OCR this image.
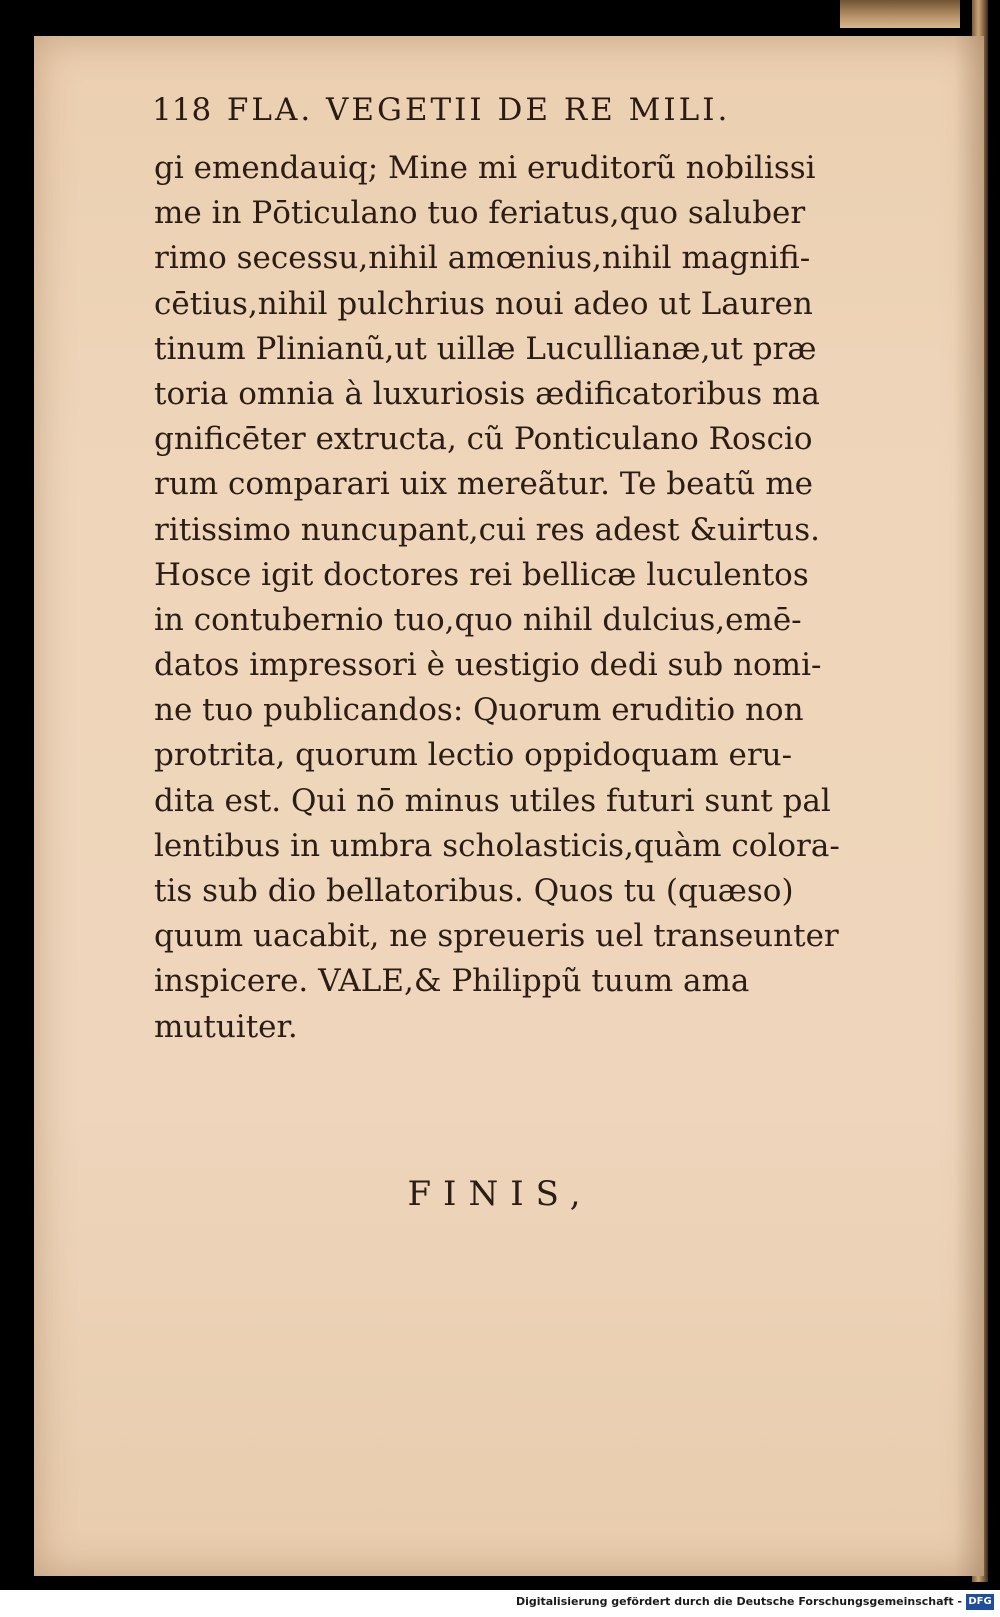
118 FLA. VEGETII DE RE MILI.
gi emendauiq; Mine mi eruditorũ nobilissi
me in Pōticulano tuo feriatus,quo saluber
rimo secessu,nihil amœnius,nihil magnifi-
cētius,nihil pulchrius noui adeo ut Lauren
tinum Plinianũ,ut uillæ Lucullianæ,ut præ
toria omnia à luxuriosis ædificatoribus ma
gnificēter extructa, cũ Ponticulano Roscio
rum comparari uix mereãtur. Te beatũ me
ritissimo nuncupant,cui res adest &uirtus.
Hosce igit doctores rei bellicæ luculentos
in contubernio tuo,quo nihil dulcius,emē-
datos impressori è uestigio dedi sub nomi-
ne tuo publicandos: Quorum eruditio non
protrita, quorum lectio oppidoquam eru-
dita est. Qui nō minus utiles futuri sunt pal
lentibus in umbra scholasticis,quàm colora-
tis sub dio bellatoribus. Quos tu (quæso)
quum uacabit, ne spreueris uel transeunter
inspicere. VALE,& Philippũ tuum ama
mutuiter.
FINIS,
Digitalisierung gefördert durch die Deutsche Forschungsgemeinschaft - DFG
